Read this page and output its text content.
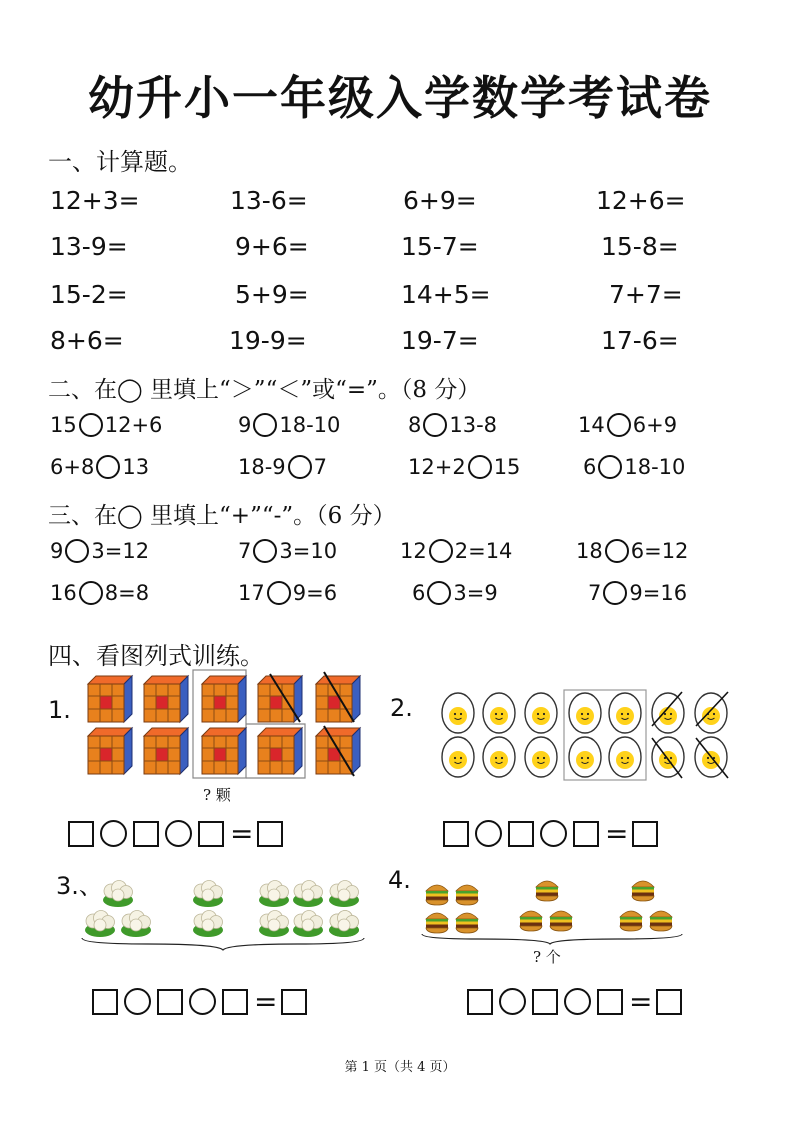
幼升小一年级入学数学考试卷
一、计算题。
12+3=	13-6=	6+9=	12+6=
13-9=	9+6=	15-7=	15-8=
15-2=	5+9=	14+5=	7+7=
8+6=	19-9=	19-7=	17-6=
二、在◯ 里填上“＞”“＜”或“=”。（8 分）
15 12+6	9 18-10	8 13-8	14 6+9
6+8 13	18-9 7	12+2 15	6 18-10
三、在◯ 里填上“+”“-”。（6 分）
9 3=12	7 3=10	12 2=14	18 6=12
16 8=8	17 9=6	6 3=9	7 9=16
四、看图列式训练。
1.
? 颗
=
2.
=
3.、
=
4.
? 个
=
第 1 页（共 4 页）
